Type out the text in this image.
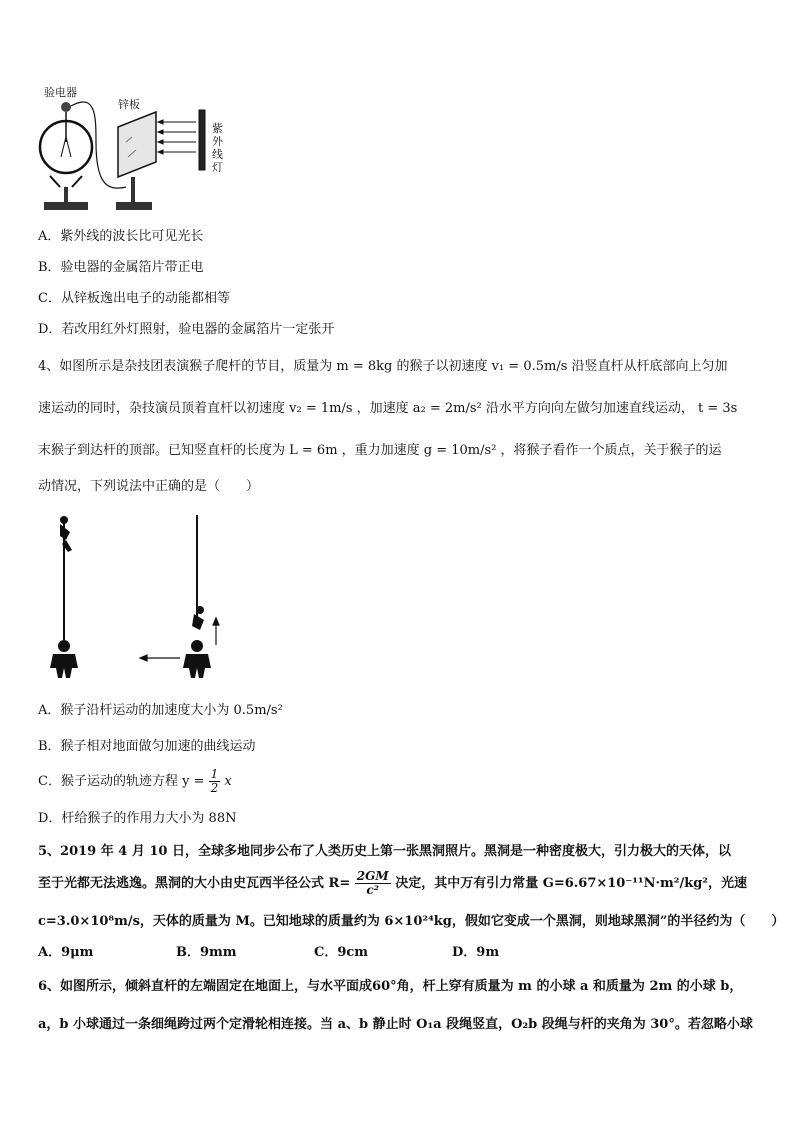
验电器
锌板
紫
外
线
灯
A．紫外线的波长比可见光长
B．验电器的金属箔片带正电
C．从锌板逸出电子的动能都相等
D．若改用红外灯照射，验电器的金属箔片一定张开
4、如图所示是杂技团表演猴子爬杆的节目，质量为 m = 8kg 的猴子以初速度 v₁ = 0.5m/s 沿竖直杆从杆底部向上匀加
速运动的同时，杂技演员顶着直杆以初速度 v₂ = 1m/s ，加速度 a₂ = 2m/s² 沿水平方向向左做匀加速直线运动， t = 3s
末猴子到达杆的顶部。已知竖直杆的长度为 L = 6m ，重力加速度 g = 10m/s² ，将猴子看作一个质点，关于猴子的运
动情况，下列说法中正确的是（　　）
A．猴子沿杆运动的加速度大小为 0.5m/s²
B．猴子相对地面做匀加速的曲线运动
C．猴子运动的轨迹方程 $y = \frac{1}{2}$ x
D．杆给猴子的作用力大小为 88N
5、2019 年 4 月 10 日，全球多地同步公布了人类历史上第一张黑洞照片。黑洞是一种密度极大，引力极大的天体，以
至于光都无法逃逸。黑洞的大小由史瓦西半径公式 $R= \frac{2GM}{\text{c²}}$ 决定，其中万有引力常量 G=6.67×10⁻¹¹N·m²/kg²，光速
c=3.0×10⁸m/s，天体的质量为 M。已知地球的质量约为 6×10²⁴kg，假如它变成一个黑洞，则地球黑洞”的半径约为（　　）
A．9μm	B．9mm	C．9cm	D．9m
6、如图所示，倾斜直杆的左端固定在地面上，与水平面成60°角，杆上穿有质量为 m 的小球 a 和质量为 2m 的小球 b，
a，b 小球通过一条细绳跨过两个定滑轮相连接。当 a、b 静止时 O₁a 段绳竖直，O₂b 段绳与杆的夹角为 30°。若忽略小球
